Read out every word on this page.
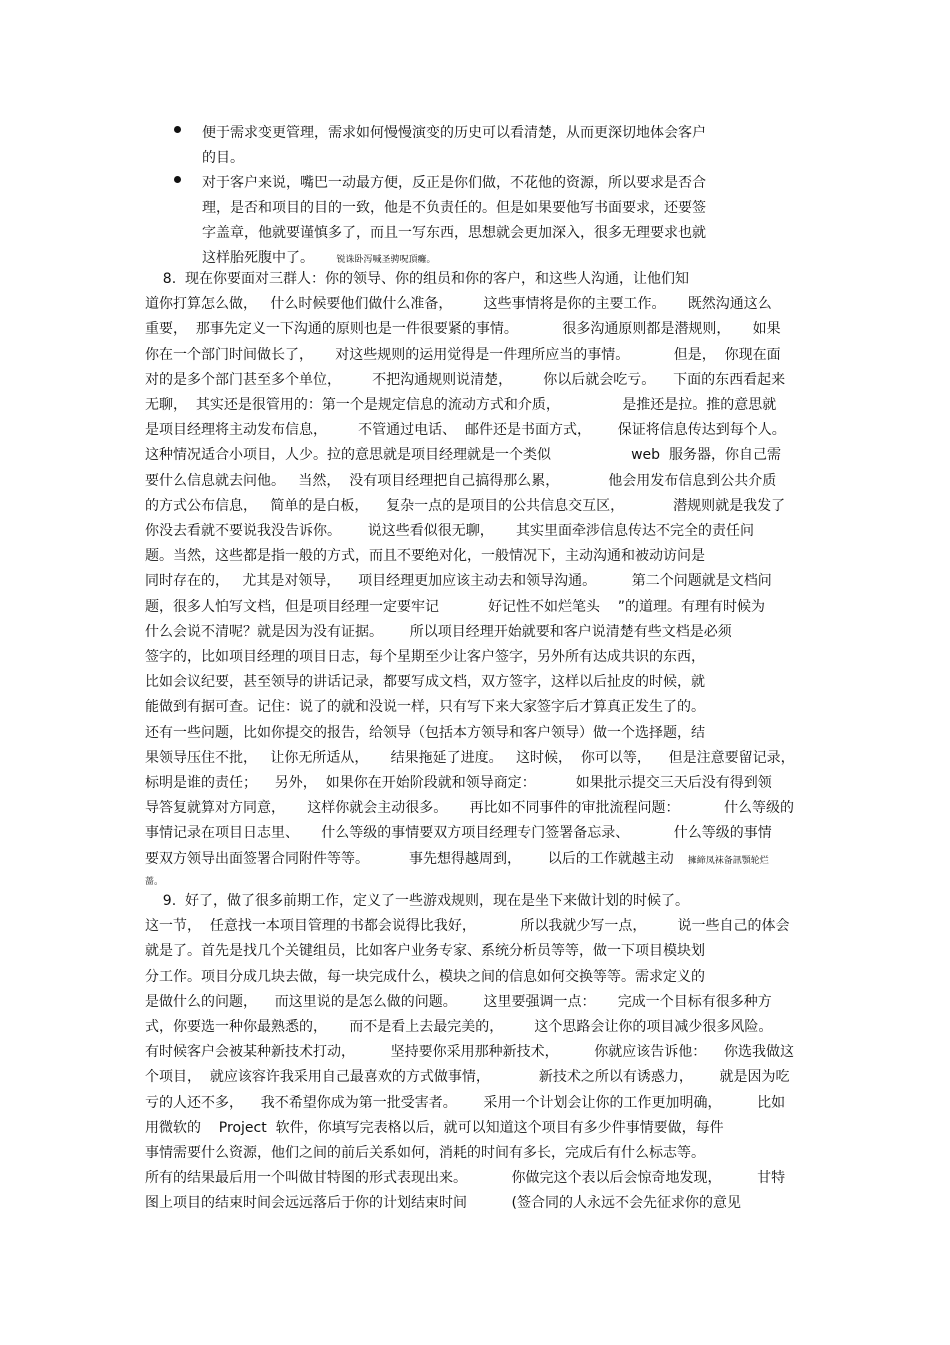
便于需求变更管理，需求如何慢慢演变的历史可以看清楚，从而更深切地体会客户
的目。
对于客户来说，嘴巴一动最方便，反正是你们做，不花他的资源，所以要求是否合
理，是否和项目的目的一致，他是不负责任的。但是如果要他写书面要求，还要签
字盖章，他就要谨慎多了，而且一写东西，思想就会更加深入，很多无理要求也就
这样胎死腹中了。 锐诛卧泻喊圣骋呪頂癱。
8.  现在你要面对三群人：你的领导、你的组员和你的客户，和这些人沟通，让他们知
道你打算怎么做，   什么时候要他们做什么准备，       这些事情将是你的主要工作。     既然沟通这么
重要，  那事先定义一下沟通的原则也是一件很要紧的事情。          很多沟通原则都是潜规则，     如果
你在一个部门时间做长了，     对这些规则的运用觉得是一件理所应当的事情。          但是，  你现在面
对的是多个部门甚至多个单位，       不把沟通规则说清楚，       你以后就会吃亏。    下面的东西看起来
无聊，  其实还是很管用的：第一个是规定信息的流动方式和介质，              是推还是拉。推的意思就
是项目经理将主动发布信息，       不管通过电话、  邮件还是书面方式，      保证将信息传达到每个人。
这种情况适合小项目，人少。拉的意思就是项目经理就是一个类似                  web  服务器，你自己需
要什么信息就去问他。   当然，  没有项目经理把自己搞得那么累，           他会用发布信息到公共介质
的方式公布信息，   简单的是白板，    复杂一点的是项目的公共信息交互区，           潜规则就是我发了
你没去看就不要说我没告诉你。      说这些看似很无聊，     其实里面牵涉信息传达不完全的责任问
题。当然，这些都是指一般的方式，而且不要绝对化，一般情况下，主动沟通和被动访问是
同时存在的，   尤其是对领导，    项目经理更加应该主动去和领导沟通。        第二个问题就是文档问
题，很多人怕写文档，但是项目经理一定要牢记           好记性不如烂笔头    ”的道理。有理有时候为
什么会说不清呢？就是因为没有证据。      所以项目经理开始就要和客户说清楚有些文档是必须
签字的，比如项目经理的项目日志，每个星期至少让客户签字，另外所有达成共识的东西，
比如会议纪要，甚至领导的讲话记录，都要写成文档，双方签字，这样以后扯皮的时候，就
能做到有据可查。记住：说了的就和没说一样，只有写下来大家签字后才算真正发生了的。
还有一些问题，比如你提交的报告，给领导（包括本方领导和客户领导）做一个选择题，结
果领导压住不批，   让你无所适从，     结果拖延了进度。   这时候，  你可以等，    但是注意要留记录，
标明是谁的责任；    另外，  如果你在开始阶段就和领导商定：         如果批示提交三天后没有得到领
导答复就算对方同意，     这样你就会主动很多。     再比如不同事件的审批流程问题：          什么等级的
事情记录在项目日志里、     什么等级的事情要双方项目经理专门签署备忘录、          什么等级的事情
要双方领导出面签署合同附件等等。         事先想得越周到，      以后的工作就越主动 擁締凤袜备訊顎轮烂
蔷。
9.  好了，做了很多前期工作，定义了一些游戏规则，现在是坐下来做计划的时候了。
这一节，  任意找一本项目管理的书都会说得比我好，          所以我就少写一点，       说一些自己的体会
就是了。首先是找几个关键组员，比如客户业务专家、系统分析员等等，做一下项目模块划
分工作。项目分成几块去做，每一块完成什么，模块之间的信息如何交换等等。需求定义的
是做什么的问题，    而这里说的是怎么做的问题。      这里要强调一点：     完成一个目标有很多种方
式，你要选一种你最熟悉的，     而不是看上去最完美的，       这个思路会让你的项目减少很多风险。
有时候客户会被某种新技术打动，        坚持要你采用那种新技术，        你就应该告诉他：    你选我做这
个项目，  就应该容许我采用自己最喜欢的方式做事情，           新技术之所以有诱惑力，      就是因为吃
亏的人还不多，    我不希望你成为第一批受害者。      采用一个计划会让你的工作更加明确，        比如
用微软的    Project  软件，你填写完表格以后，就可以知道这个项目有多少件事情要做，每件
事情需要什么资源，他们之间的前后关系如何，消耗的时间有多长，完成后有什么标志等。
所有的结果最后用一个叫做甘特图的形式表现出来。          你做完这个表以后会惊奇地发现，        甘特
图上项目的结束时间会远远落后于你的计划结束时间          (签合同的人永远不会先征求你的意见
